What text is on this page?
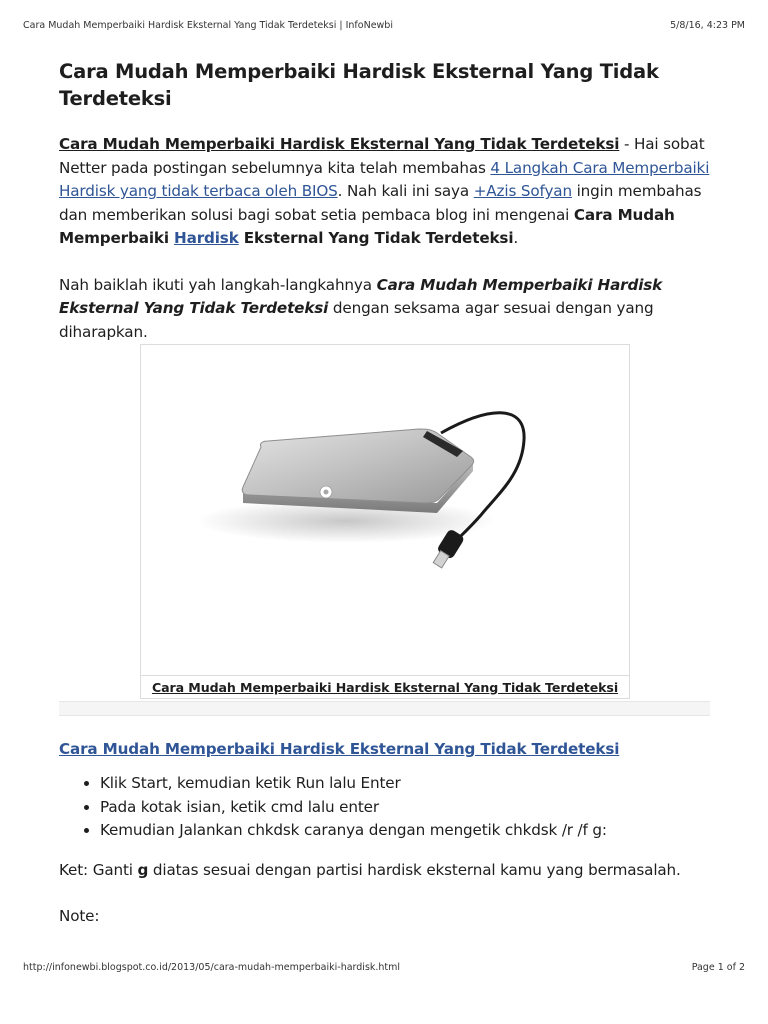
Cara Mudah Memperbaiki Hardisk Eksternal Yang Tidak Terdeteksi | InfoNewbi	5/8/16, 4:23 PM
Cara Mudah Memperbaiki Hardisk Eksternal Yang Tidak Terdeteksi

Cara Mudah Memperbaiki Hardisk Eksternal Yang Tidak Terdeteksi - Hai sobat Netter pada postingan sebelumnya kita telah membahas 4 Langkah Cara Memperbaiki Hardisk yang tidak terbaca oleh BIOS. Nah kali ini saya +Azis Sofyan ingin membahas dan memberikan solusi bagi sobat setia pembaca blog ini mengenai Cara Mudah Memperbaiki Hardisk Eksternal Yang Tidak Terdeteksi.

Nah baiklah ikuti yah langkah-langkahnya Cara Mudah Memperbaiki Hardisk Eksternal Yang Tidak Terdeteksi dengan seksama agar sesuai dengan yang diharapkan.

Cara Mudah Memperbaiki Hardisk Eksternal Yang Tidak Terdeteksi
Cara Mudah Memperbaiki Hardisk Eksternal Yang Tidak Terdeteksi
• Klik Start, kemudian ketik Run lalu Enter
• Pada kotak isian, ketik cmd lalu enter
• Kemudian Jalankan chkdsk caranya dengan mengetik chkdsk /r /f g:

Ket: Ganti g diatas sesuai dengan partisi hardisk eksternal kamu yang bermasalah.

Note:

http://infonewbi.blogspot.co.id/2013/05/cara-mudah-memperbaiki-hardisk.html	Page 1 of 2
